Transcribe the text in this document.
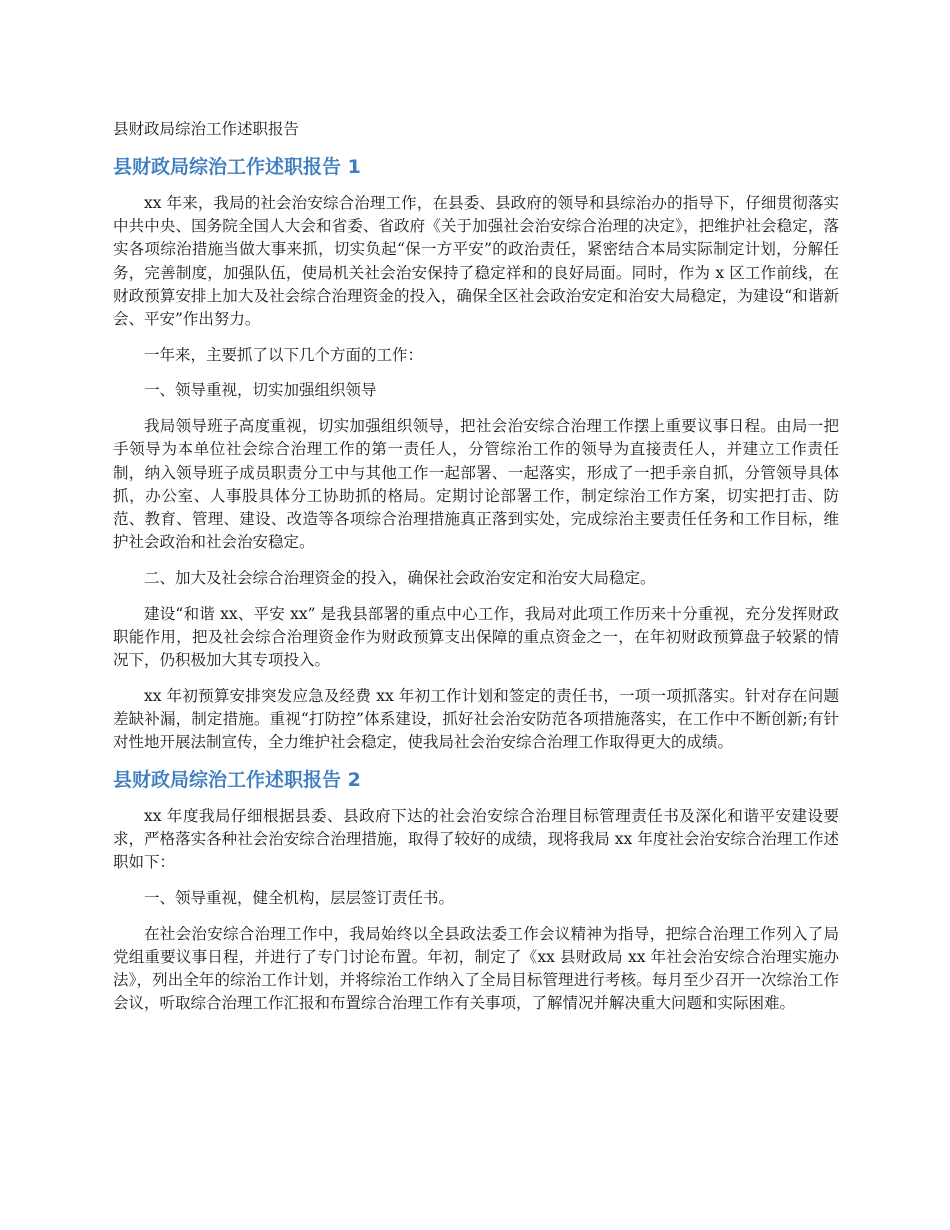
县财政局综治工作述职报告
县财政局综治工作述职报告 1

xx 年来，我局的社会治安综合治理工作，在县委、县政府的领导和县综治办的指导下，仔细贯彻落实中共中央、国务院全国人大会和省委、省政府《关于加强社会治安综合治理的决定》，把维护社会稳定，落实各项综治措施当做大事来抓，切实负起“保一方平安”的政治责任，紧密结合本局实际制定计划，分解任务，完善制度，加强队伍，使局机关社会治安保持了稳定祥和的良好局面。同时，作为 x 区工作前线，在财政预算安排上加大及社会综合治理资金的投入，确保全区社会政治安定和治安大局稳定，为建设“和谐新会、平安”作出努力。

一年来，主要抓了以下几个方面的工作：

一、领导重视，切实加强组织领导

我局领导班子高度重视，切实加强组织领导，把社会治安综合治理工作摆上重要议事日程。由局一把手领导为本单位社会综合治理工作的第一责任人，分管综治工作的领导为直接责任人，并建立工作责任制，纳入领导班子成员职责分工中与其他工作一起部署、一起落实，形成了一把手亲自抓，分管领导具体抓，办公室、人事股具体分工协助抓的格局。定期讨论部署工作，制定综治工作方案，切实把打击、防范、教育、管理、建设、改造等各项综合治理措施真正落到实处，完成综治主要责任任务和工作目标，维护社会政治和社会治安稳定。

二、加大及社会综合治理资金的投入，确保社会政治安定和治安大局稳定。

建设“和谐 xx、平安 xx” 是我县部署的重点中心工作，我局对此项工作历来十分重视，充分发挥财政职能作用，把及社会综合治理资金作为财政预算支出保障的重点资金之一，在年初财政预算盘子较紧的情况下，仍积极加大其专项投入。

xx 年初预算安排突发应急及经费 xx 年初工作计划和签定的责任书，一项一项抓落实。针对存在问题差缺补漏，制定措施。重视“打防控”体系建设，抓好社会治安防范各项措施落实，在工作中不断创新;有针对性地开展法制宣传，全力维护社会稳定，使我局社会治安综合治理工作取得更大的成绩。

县财政局综治工作述职报告 2

xx 年度我局仔细根据县委、县政府下达的社会治安综合治理目标管理责任书及深化和谐平安建设要求，严格落实各种社会治安综合治理措施，取得了较好的成绩，现将我局 xx 年度社会治安综合治理工作述职如下：

一、领导重视，健全机构，层层签订责任书。

在社会治安综合治理工作中，我局始终以全县政法委工作会议精神为指导，把综合治理工作列入了局党组重要议事日程，并进行了专门讨论布置。年初，制定了《xx 县财政局 xx 年社会治安综合治理实施办法》，列出全年的综治工作计划，并将综治工作纳入了全局目标管理进行考核。每月至少召开一次综治工作会议，听取综合治理工作汇报和布置综合治理工作有关事项，了解情况并解决重大问题和实际困难。
